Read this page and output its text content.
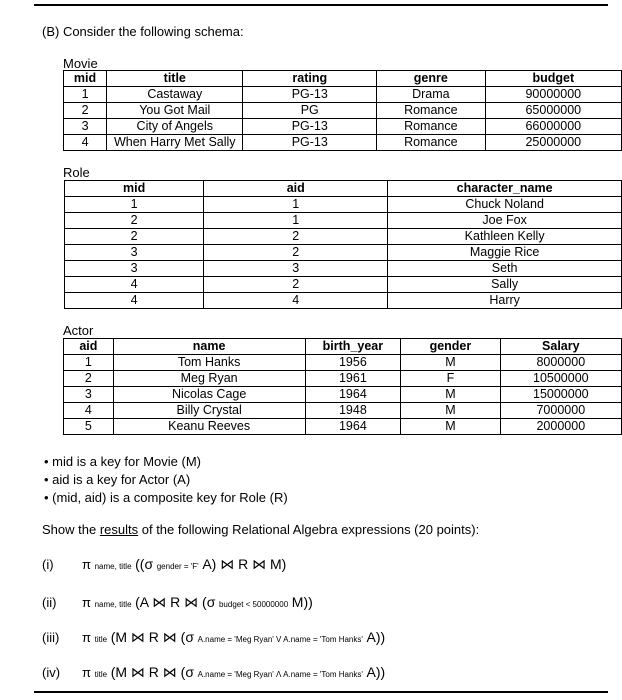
(B) Consider the following schema:
Movie
mid	title	rating	genre	budget
1	Castaway	PG-13	Drama	90000000
2	You Got Mail	PG	Romance	65000000
3	City of Angels	PG-13	Romance	66000000
4	When Harry Met Sally	PG-13	Romance	25000000
Role
mid	aid	character_name
1	1	Chuck Noland
2	1	Joe Fox
2	2	Kathleen Kelly
3	2	Maggie Rice
3	3	Seth
4	2	Sally
4	4	Harry
Actor
aid	name	birth_year	gender	Salary
1	Tom Hanks	1956	M	8000000
2	Meg Ryan	1961	F	10500000
3	Nicolas Cage	1964	M	15000000
4	Billy Crystal	1948	M	7000000
5	Keanu Reeves	1964	M	2000000
• mid is a key for Movie (M)
• aid is a key for Actor (A)
• (mid, aid) is a composite key for Role (R)
Show the results of the following Relational Algebra expressions (20 points):
(i) π name, title ((σ gender = 'F' A) ⋈ R ⋈ M)
(ii) π name, title (A ⋈ R ⋈ (σ budget < 50000000 M))
(iii) π title (M ⋈ R ⋈ (σ A.name = 'Meg Ryan' V A.name = 'Tom Hanks' A))
(iv) π title (M ⋈ R ⋈ (σ A.name = 'Meg Ryan' Λ A.name = 'Tom Hanks' A))
